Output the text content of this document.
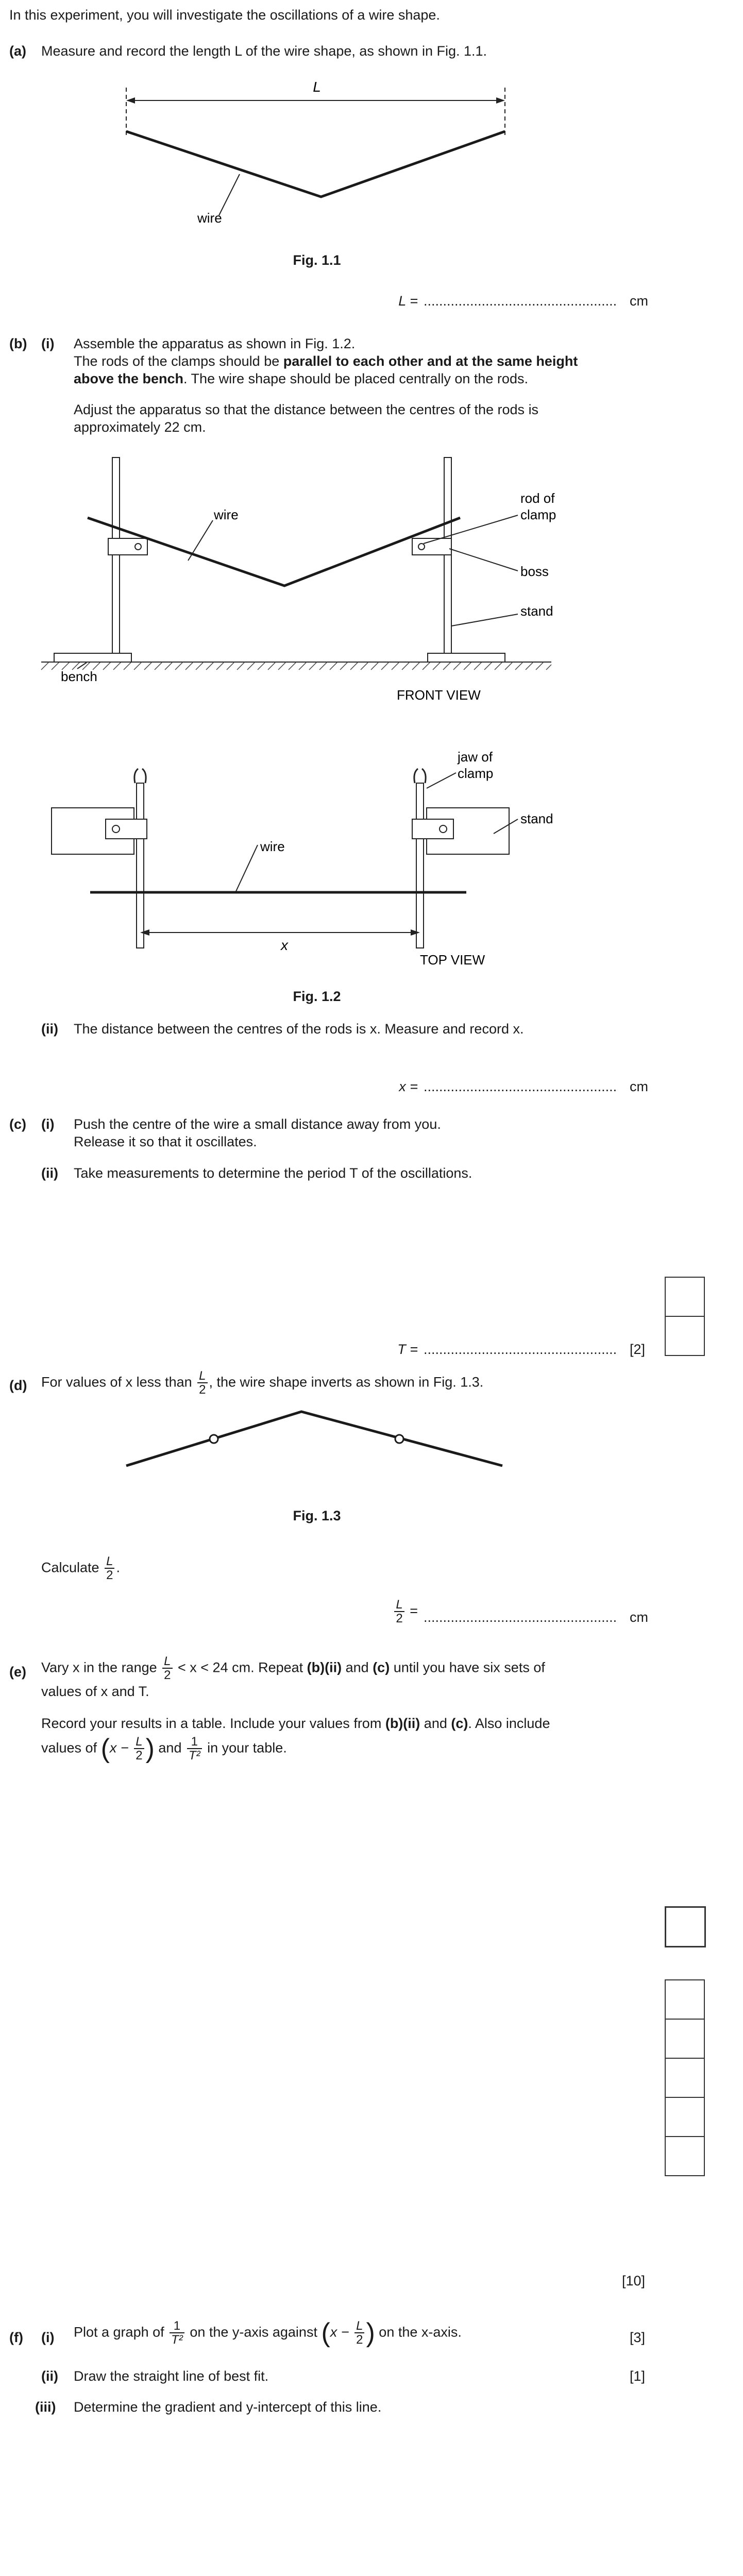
In this experiment, you will investigate the oscillations of a wire shape.
(a) Measure and record the length L of the wire shape, as shown in Fig. 1.1.
L
wire
Fig. 1.1
L = .................................................. cm
(b) (i) Assemble the apparatus as shown in Fig. 1.2.
The rods of the clamps should be parallel to each other and at the same height
above the bench. The wire shape should be placed centrally on the rods.
Adjust the apparatus so that the distance between the centres of the rods is
approximately 22 cm.
wire
rod of
clamp
boss
stand
bench
FRONT VIEW
wire
jaw of
clamp
stand
x
TOP VIEW
Fig. 1.2
(ii) The distance between the centres of the rods is x. Measure and record x.
x = .................................................. cm
(c) (i) Push the centre of the wire a small distance away from you.
Release it so that it oscillates.
(ii) Take measurements to determine the period T of the oscillations.
T = .................................................. [2]
(d) For values of x less than $\frac{L}{2}$ , the wire shape inverts as shown in Fig. 1.3.
Fig. 1.3
Calculate $\frac{L}{2}$ .
$\frac{L}{2}$ = .................................................. cm
(e) Vary x in the range $\frac{L}{2} < x < 24$ cm. Repeat (b)(ii) and (c) until you have six sets of
values of x and T.
Record your results in a table. Include your values from (b)(ii) and (c). Also include
values of ($x - \frac{L}{2}$ ) and $\frac{1}{\text{T²}}$ in your table.
[10]
(f) (i) Plot a graph of $\frac{1}{\text{T²}}$ on the y-axis against ($x - \frac{L}{2}$ ) on the x-axis.	[3]
(ii) Draw the straight line of best fit.	[1]
(iii) Determine the gradient and y-intercept of this line.
